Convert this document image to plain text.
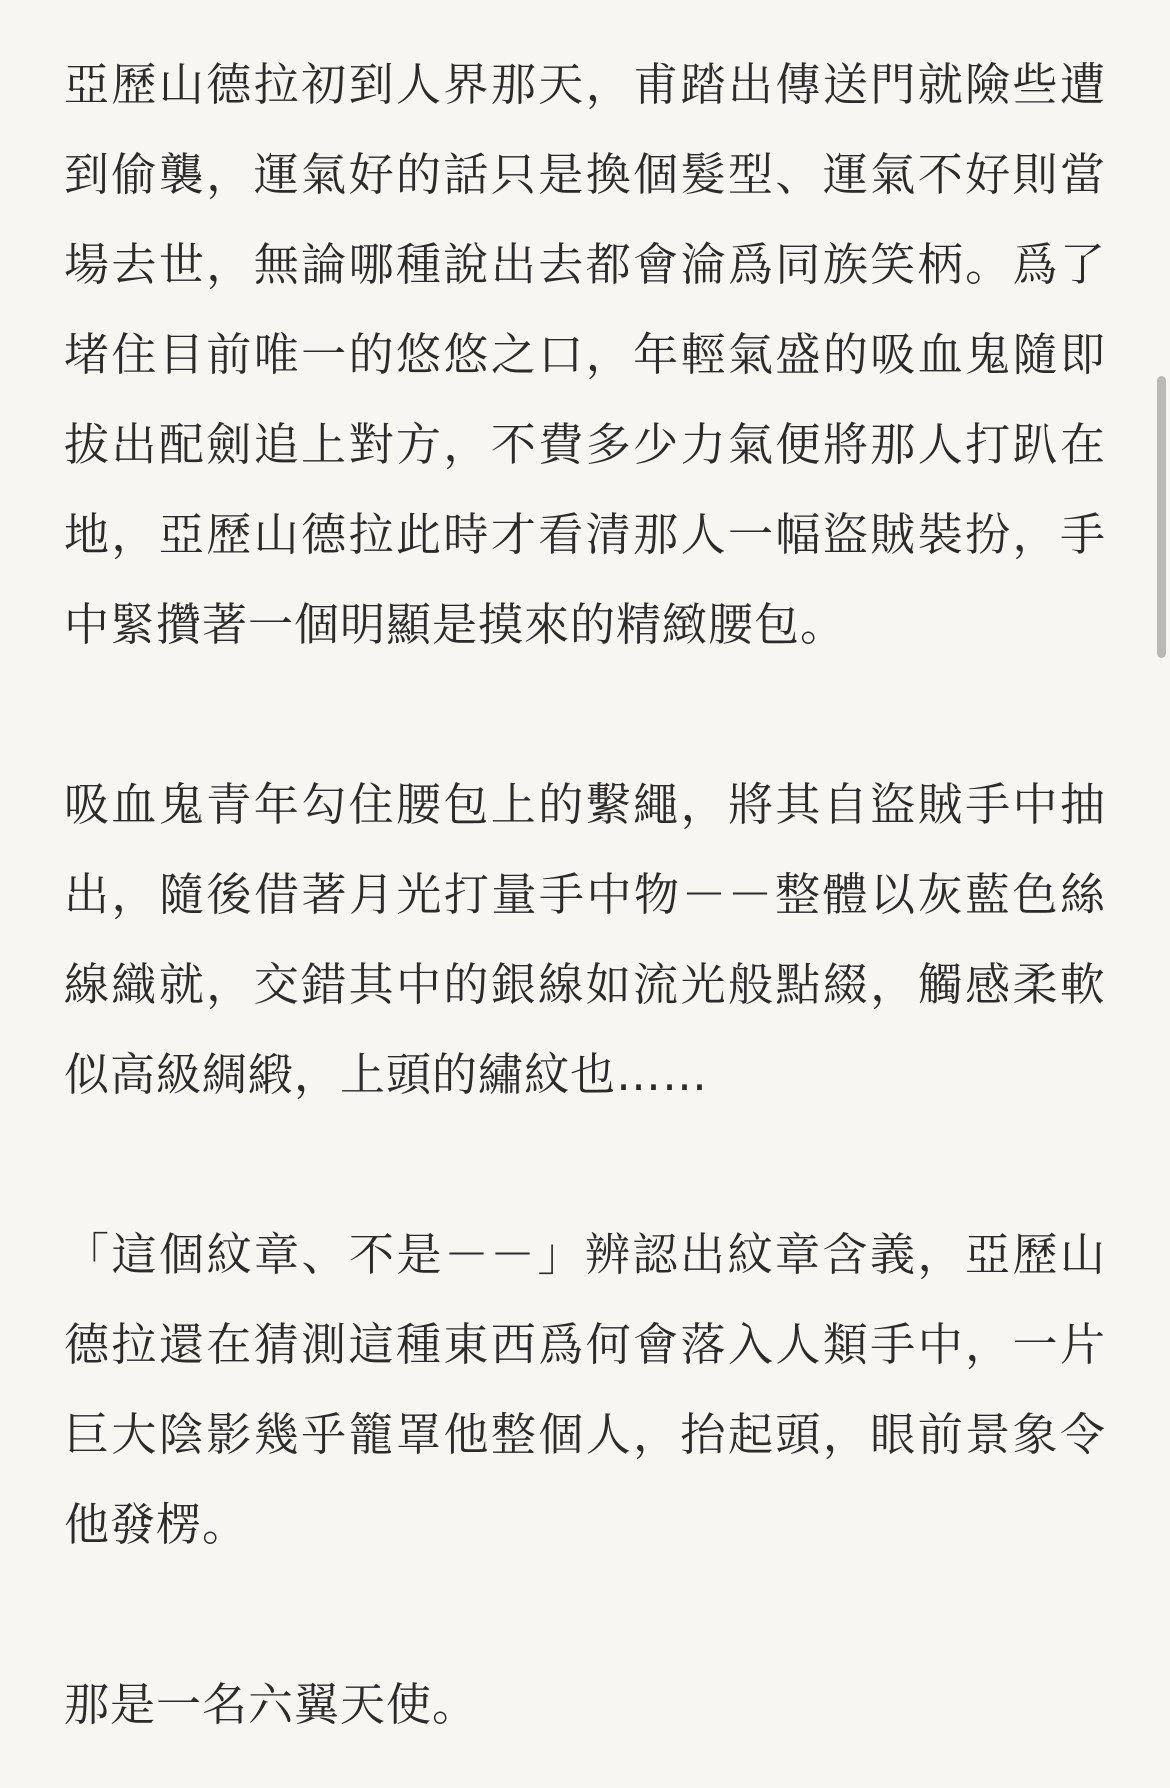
亞歷山德拉初到人界那天，甫踏出傳送門就險些遭到偷襲，運氣好的話只是換個髮型、運氣不好則當場去世，無論哪種說出去都會淪爲同族笑柄。爲了堵住目前唯一的悠悠之口，年輕氣盛的吸血鬼隨即拔出配劍追上對方，不費多少力氣便將那人打趴在地，亞歷山德拉此時才看清那人一幅盜賊裝扮，手中緊攢著一個明顯是摸來的精緻腰包。

吸血鬼青年勾住腰包上的繫繩，將其自盜賊手中抽出，隨後借著月光打量手中物－－整體以灰藍色絲線織就，交錯其中的銀線如流光般點綴，觸感柔軟似高級綢緞，上頭的繡紋也……

「這個紋章、不是－－」辨認出紋章含義，亞歷山德拉還在猜測這種東西爲何會落入人類手中，一片巨大陰影幾乎籠罩他整個人，抬起頭，眼前景象令他發楞。

那是一名六翼天使。
